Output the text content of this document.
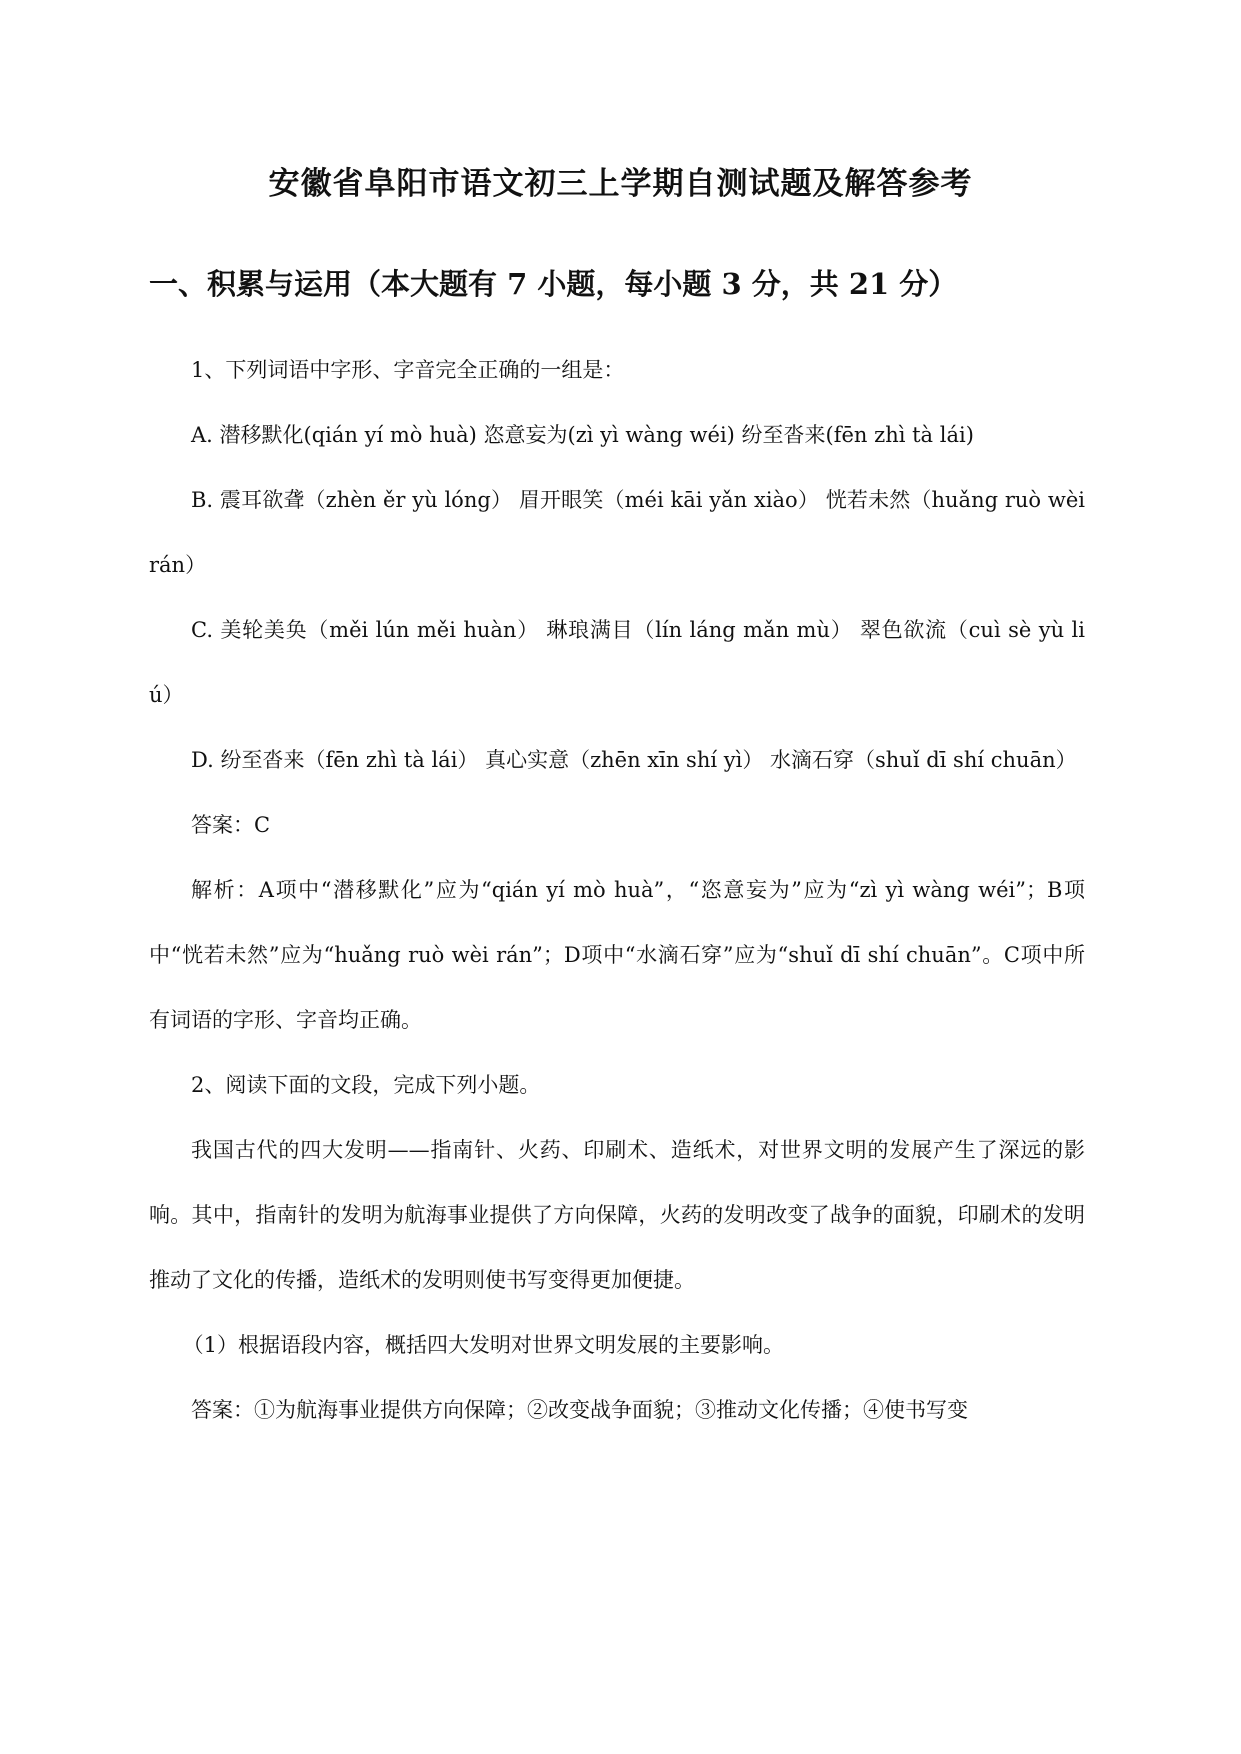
安徽省阜阳市语文初三上学期自测试题及解答参考
一、积累与运用（本大题有 7 小题，每小题 3 分，共 21 分）

1、下列词语中字形、字音完全正确的一组是：

A. 潜移默化(qián yí mò huà) 恣意妄为(zì yì wàng wéi) 纷至沓来(fēn zhì tà lái)

B. 震耳欲聋（zhèn ěr yù lóng） 眉开眼笑（méi kāi yǎn xiào） 恍若未然（huǎng ruò wèi rán）

C. 美轮美奂（měi lún měi huàn） 琳琅满目（lín láng mǎn mù） 翠色欲流（cuì sè yù liú）

D. 纷至沓来（fēn zhì tà lái） 真心实意（zhēn xīn shí yì） 水滴石穿（shuǐ dī shí chuān）

答案：C

解析：A项中“潜移默化”应为“qián yí mò huà”，“恣意妄为”应为“zì yì wàng wéi”；B项中“恍若未然”应为“huǎng ruò wèi rán”；D项中“水滴石穿”应为“shuǐ dī shí chuān”。C项中所有词语的字形、字音均正确。

2、阅读下面的文段，完成下列小题。

我国古代的四大发明——指南针、火药、印刷术、造纸术，对世界文明的发展产生了深远的影响。其中，指南针的发明为航海事业提供了方向保障，火药的发明改变了战争的面貌，印刷术的发明推动了文化的传播，造纸术的发明则使书写变得更加便捷。

（1）根据语段内容，概括四大发明对世界文明发展的主要影响。

答案：①为航海事业提供方向保障；②改变战争面貌；③推动文化传播；④使书写变
